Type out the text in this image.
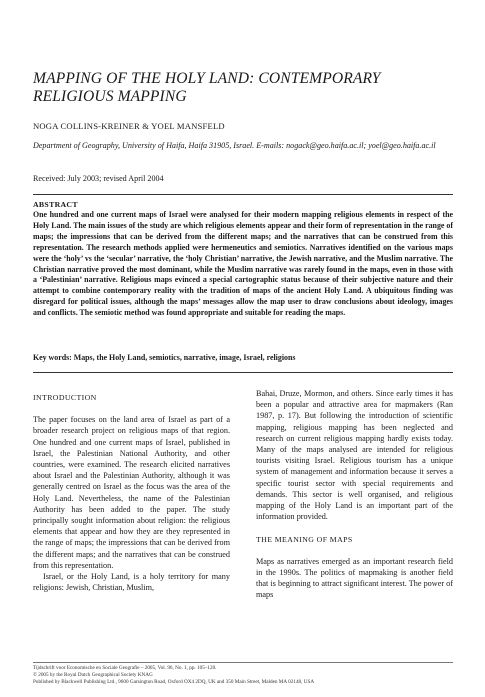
MAPPING OF THE HOLY LAND: CONTEMPORARY RELIGIOUS MAPPING
NOGA COLLINS-KREINER & YOEL MANSFELD
Department of Geography, University of Haifa, Haifa 31905, Israel. E-mails: nogack@geo.haifa.ac.il; yoel@geo.haifa.ac.il
Received: July 2003; revised April 2004
ABSTRACT

One hundred and one current maps of Israel were analysed for their modern mapping religious elements in respect of the Holy Land. The main issues of the study are which religious elements appear and their form of representation in the range of maps; the impressions that can be derived from the different maps; and the narratives that can be construed from this representation. The research methods applied were hermeneutics and semiotics. Narratives identified on the various maps were the ‘holy’ vs the ‘secular’ narrative, the ‘holy Christian’ narrative, the Jewish narrative, and the Muslim narrative. The Christian narrative proved the most dominant, while the Muslim narrative was rarely found in the maps, even in those with a ‘Palestinian’ narrative. Religious maps evinced a special cartographic status because of their subjective nature and their attempt to combine contemporary reality with the tradition of maps of the ancient Holy Land. A ubiquitous finding was disregard for political issues, although the maps’ messages allow the map user to draw conclusions about ideology, images and conflicts. The semiotic method was found appropriate and suitable for reading the maps.

Key words: Maps, the Holy Land, semiotics, narrative, image, Israel, religions
INTRODUCTION

The paper focuses on the land area of Israel as part of a broader research project on religious maps of that region. One hundred and one current maps of Israel, published in Israel, the Palestinian National Authority, and other countries, were examined. The research elicited narratives about Israel and the Palestinian Authority, although it was generally centred on Israel as the focus was the area of the Holy Land. Nevertheless, the name of the Palestinian Authority has been added to the paper. The study principally sought information about religion: the religious elements that appear and how they are they represented in the range of maps; the impressions that can be derived from the different maps; and the narratives that can be construed from this representation.

Israel, or the Holy Land, is a holy territory for many religions: Jewish, Christian, Muslim,

Bahai, Druze, Mormon, and others. Since early times it has been a popular and attractive area for mapmakers (Ran 1987, p. 17). But following the introduction of scientific mapping, religious mapping has been neglected and research on current religious mapping hardly exists today. Many of the maps analysed are intended for religious tourists visiting Israel. Religious tourism has a unique system of management and information because it serves a specific tourist sector with special requirements and demands. This sector is well organised, and religious mapping of the Holy Land is an important part of the information provided.

THE MEANING OF MAPS

Maps as narratives emerged as an important research field in the 1990s. The politics of mapmaking is another field that is beginning to attract significant interest. The power of maps

Tijdschrift voor Economische en Sociale Geografie – 2005, Vol. 96, No. 1, pp. 105–120.
© 2005 by the Royal Dutch Geographical Society KNAG
Published by Blackwell Publishing Ltd., 9600 Garsington Road, Oxford OX4 2DQ, UK and 350 Main Street, Malden MA 02148, USA
